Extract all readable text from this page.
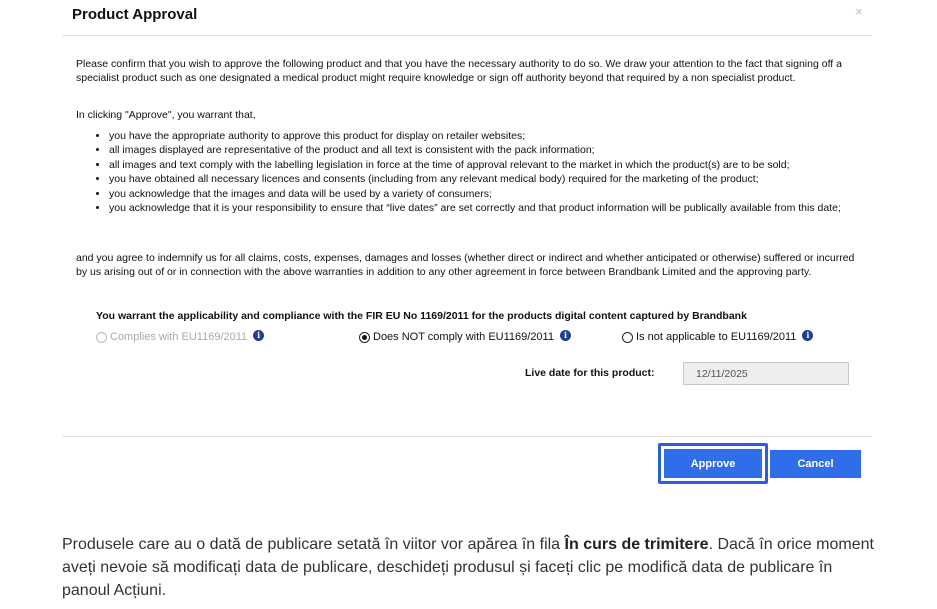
Product Approval	×
Please confirm that you wish to approve the following product and that you have the necessary authority to do so. We draw your attention to the fact that signing off a specialist product such as one designated a medical product might require knowledge or sign off authority beyond that required by a non specialist product.
In clicking "Approve", you warrant that,
• you have the appropriate authority to approve this product for display on retailer websites;
• all images displayed are representative of the product and all text is consistent with the pack information;
• all images and text comply with the labelling legislation in force at the time of approval relevant to the market in which the product(s) are to be sold;
• you have obtained all necessary licences and consents (including from any relevant medical body) required for the marketing of the product;
• you acknowledge that the images and data will be used by a variety of consumers;
• you acknowledge that it is your responsibility to ensure that “live dates” are set correctly and that product information will be publically available from this date;
and you agree to indemnify us for all claims, costs, expenses, damages and losses (whether direct or indirect and whether anticipated or otherwise) suffered or incurred by us arising out of or in connection with the above warranties in addition to any other agreement in force between Brandbank Limited and the approving party.
You warrant the applicability and compliance with the FIR EU No 1169/2011 for the products digital content captured by Brandbank
Complies with EU1169/2011	i	Does NOT comply with EU1169/2011	i	Is not applicable to EU1169/2011	i
Live date for this product:
12/11/2025
Approve	Cancel
Produsele care au o dată de publicare setată în viitor vor apărea în fila În curs de trimitere. Dacă în orice moment aveți nevoie să modificați data de publicare, deschideți produsul și faceți clic pe modifică data de publicare în panoul Acțiuni.
